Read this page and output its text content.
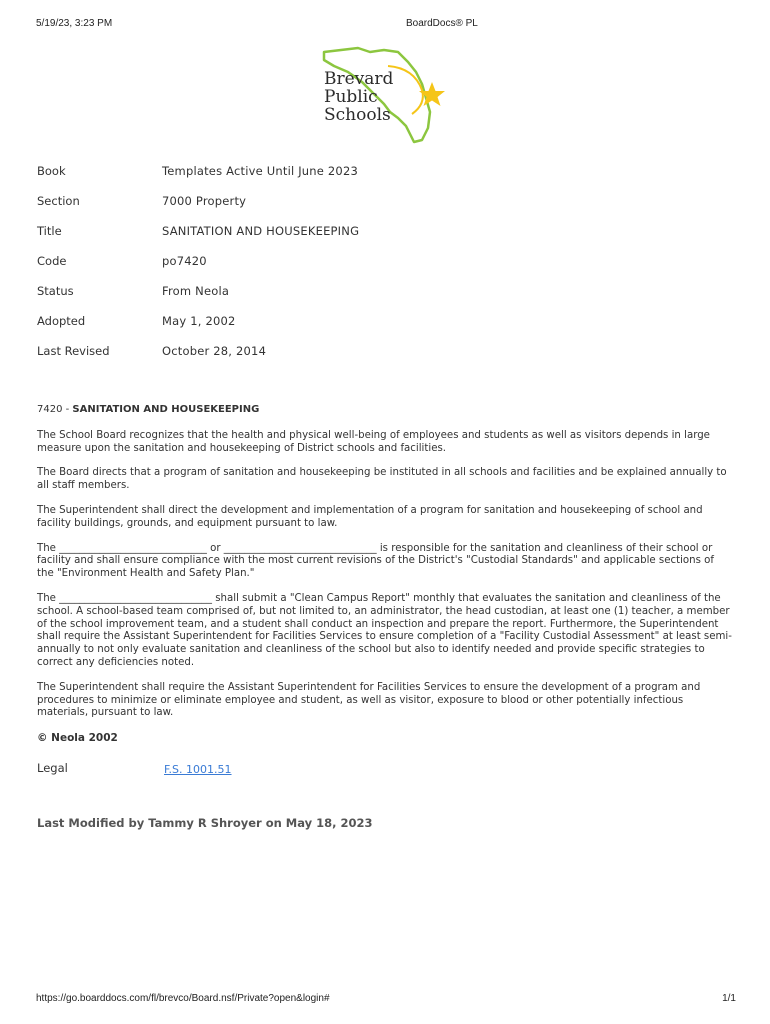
5/19/23, 3:23 PM	BoardDocs® PL
Brevard
Public
Schools
Book	Templates Active Until June 2023
Section	7000 Property
Title	SANITATION AND HOUSEKEEPING
Code	po7420
Status	From Neola
Adopted	May 1, 2002
Last Revised	October 28, 2014
7420 - SANITATION AND HOUSEKEEPING

The School Board recognizes that the health and physical well-being of employees and students as well as visitors depends in large measure upon the sanitation and housekeeping of District schools and facilities.

The Board directs that a program of sanitation and housekeeping be instituted in all schools and facilities and be explained annually to all staff members.

The Superintendent shall direct the development and implementation of a program for sanitation and housekeeping of school and facility buildings, grounds, and equipment pursuant to law.

The _____________________________ or ______________________________ is responsible for the sanitation and cleanliness of their school or facility and shall ensure compliance with the most current revisions of the District's "Custodial Standards" and applicable sections of the "Environment Health and Safety Plan."

The ______________________________ shall submit a "Clean Campus Report" monthly that evaluates the sanitation and cleanliness of the school. A school-based team comprised of, but not limited to, an administrator, the head custodian, at least one (1) teacher, a member of the school improvement team, and a student shall conduct an inspection and prepare the report. Furthermore, the Superintendent shall require the Assistant Superintendent for Facilities Services to ensure completion of a "Facility Custodial Assessment" at least semi-annually to not only evaluate sanitation and cleanliness of the school but also to identify needed and provide specific strategies to correct any deficiencies noted.

The Superintendent shall require the Assistant Superintendent for Facilities Services to ensure the development of a program and procedures to minimize or eliminate employee and student, as well as visitor, exposure to blood or other potentially infectious materials, pursuant to law.

© Neola 2002
Legal	F.S. 1001.51
Last Modified by Tammy R Shroyer on May 18, 2023
https://go.boarddocs.com/fl/brevco/Board.nsf/Private?open&login#	1/1
